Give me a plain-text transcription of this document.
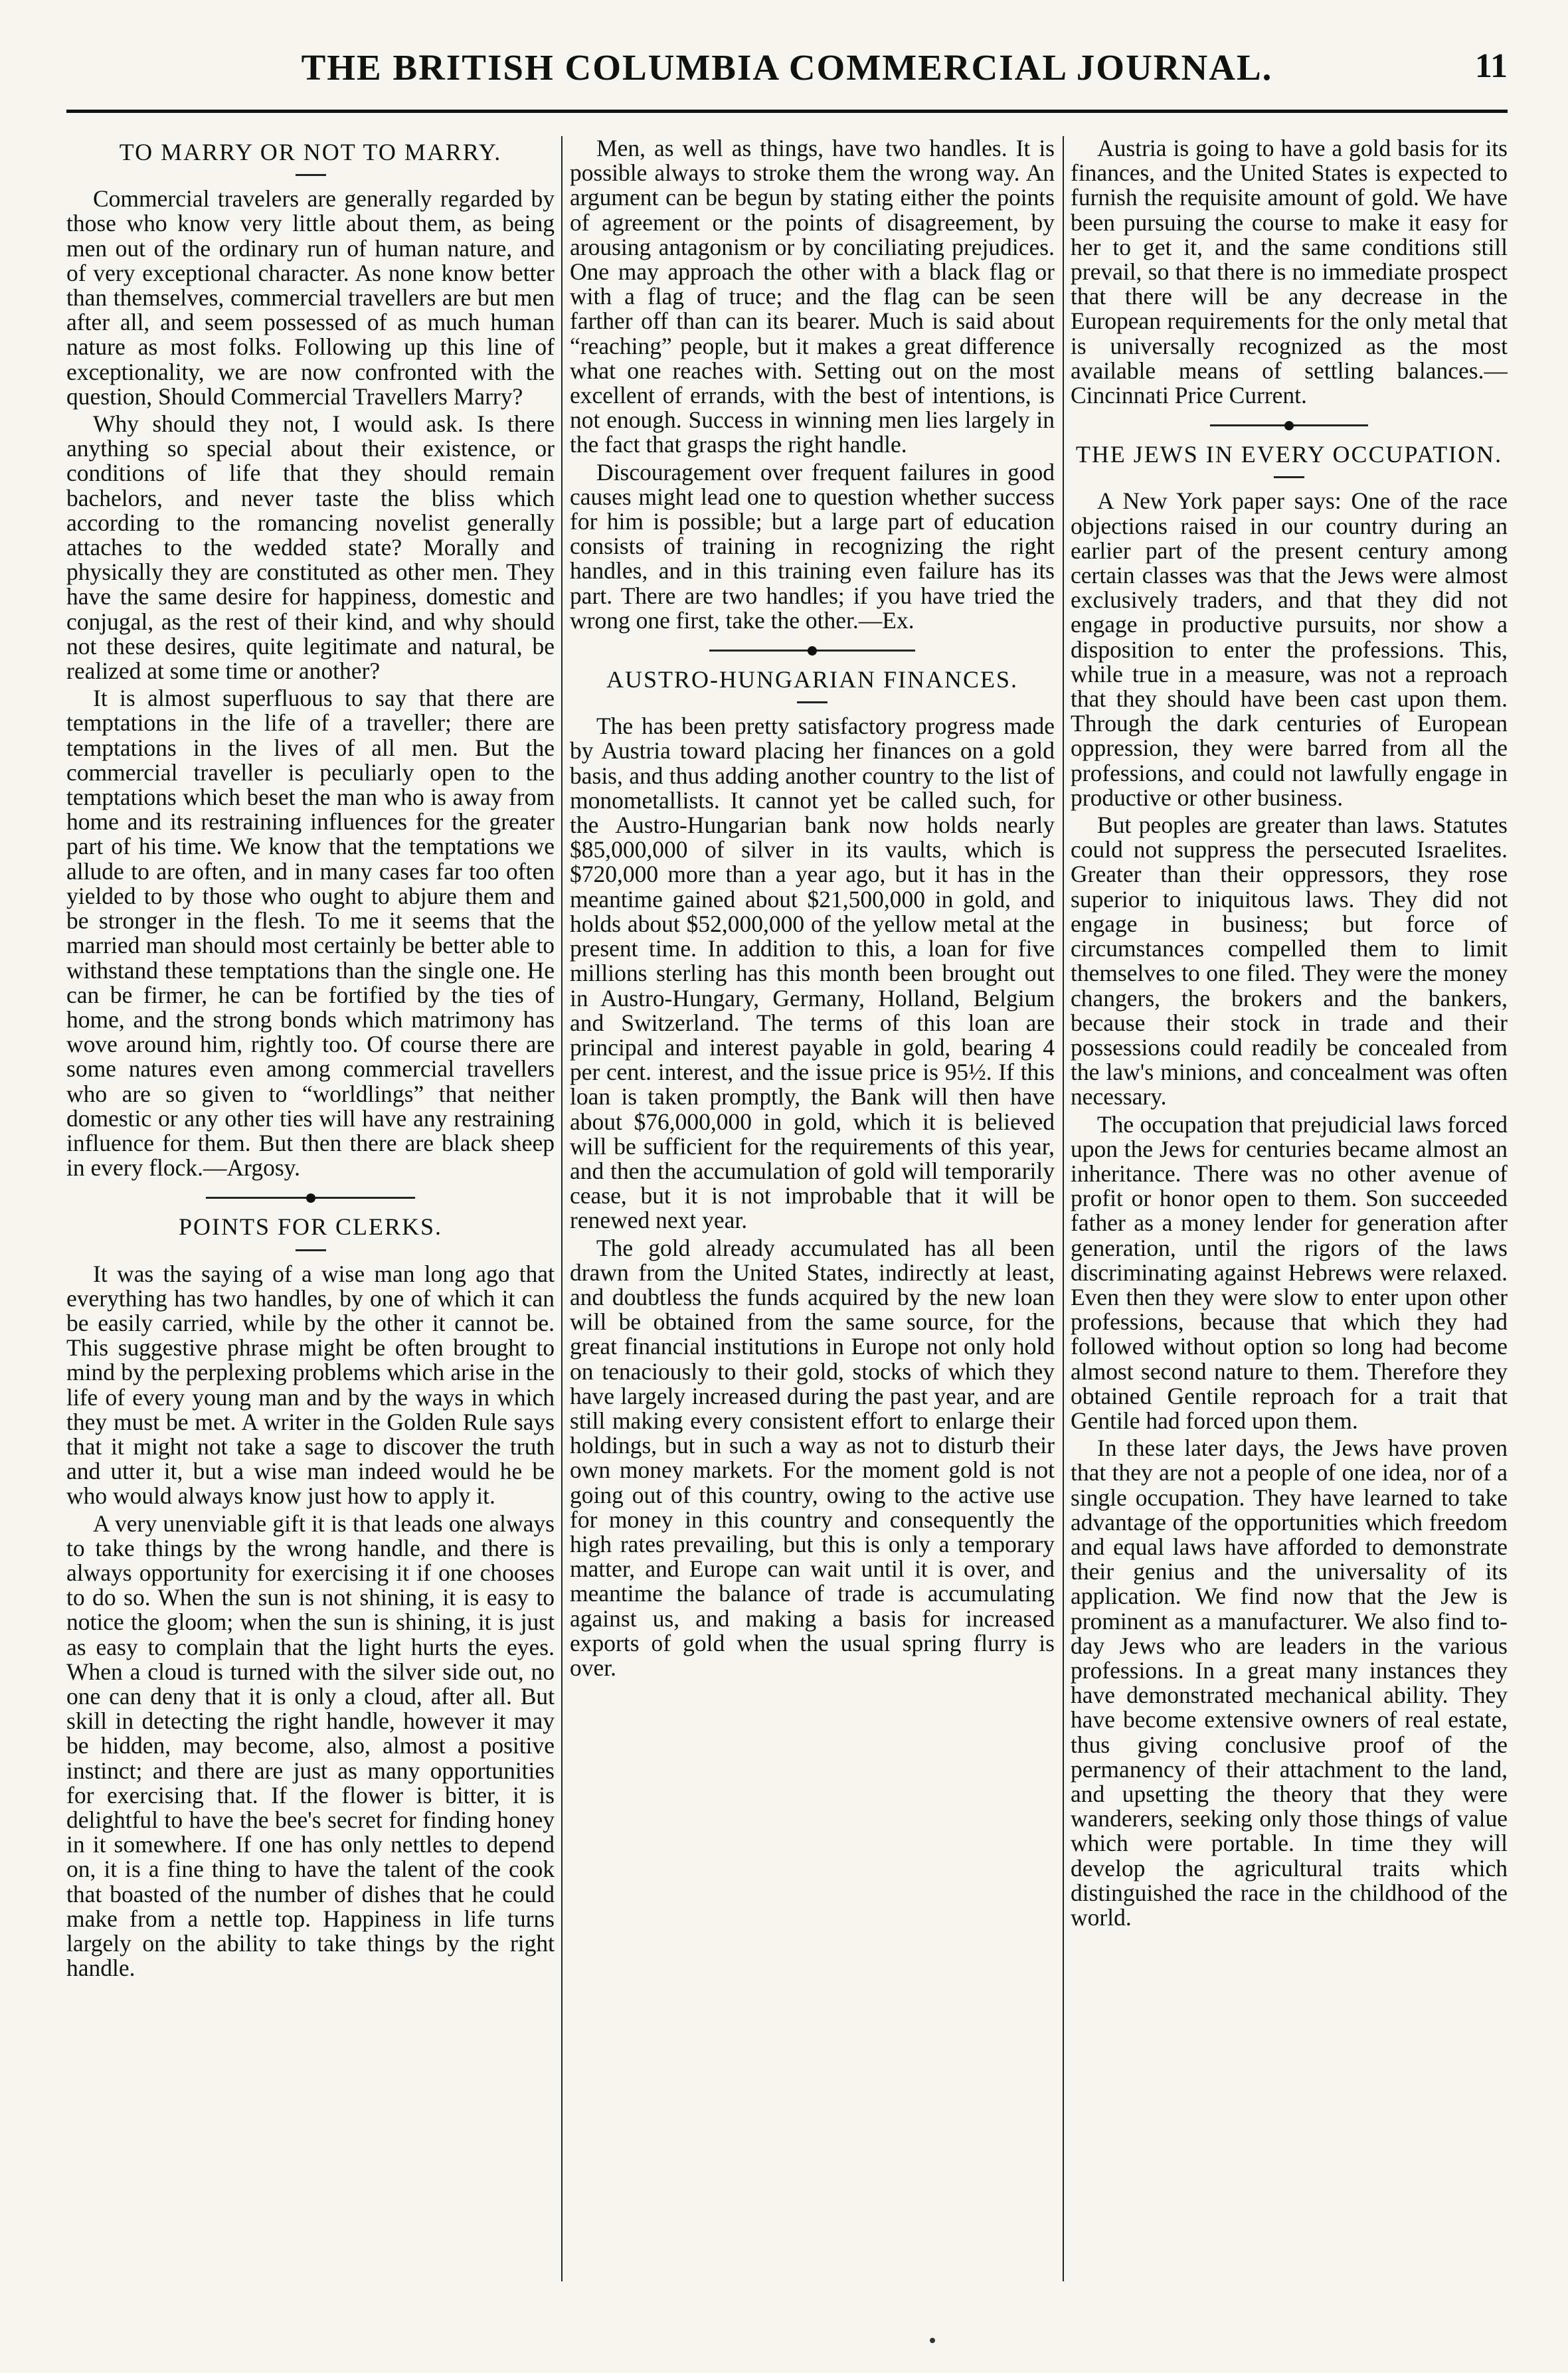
THE BRITISH COLUMBIA COMMERCIAL JOURNAL.	11
TO MARRY OR NOT TO MARRY.

Commercial travelers are generally regarded by those who know very little about them, as being men out of the ordinary run of human nature, and of very exceptional character. As none know better than themselves, commercial travellers are but men after all, and seem possessed of as much human nature as most folks. Following up this line of exceptionality, we are now confronted with the question, Should Commercial Travellers Marry?

Why should they not, I would ask. Is there anything so special about their existence, or conditions of life that they should remain bachelors, and never taste the bliss which according to the romancing novelist generally attaches to the wedded state? Morally and physically they are constituted as other men. They have the same desire for happiness, domestic and conjugal, as the rest of their kind, and why should not these desires, quite legitimate and natural, be realized at some time or another?

It is almost superfluous to say that there are temptations in the life of a traveller; there are temptations in the lives of all men. But the commercial traveller is peculiarly open to the temptations which beset the man who is away from home and its restraining influences for the greater part of his time. We know that the temptations we allude to are often, and in many cases far too often yielded to by those who ought to abjure them and be stronger in the flesh. To me it seems that the married man should most certainly be better able to withstand these temptations than the single one. He can be firmer, he can be fortified by the ties of home, and the strong bonds which matrimony has wove around him, rightly too. Of course there are some natures even among commercial travellers who are so given to “worldlings” that neither domestic or any other ties will have any restraining influence for them. But then there are black sheep in every flock.—Argosy.

POINTS FOR CLERKS.

It was the saying of a wise man long ago that everything has two handles, by one of which it can be easily carried, while by the other it cannot be. This suggestive phrase might be often brought to mind by the perplexing problems which arise in the life of every young man and by the ways in which they must be met. A writer in the Golden Rule says that it might not take a sage to discover the truth and utter it, but a wise man indeed would he be who would always know just how to apply it.

A very unenviable gift it is that leads one always to take things by the wrong handle, and there is always opportunity for exercising it if one chooses to do so. When the sun is not shining, it is easy to notice the gloom; when the sun is shining, it is just as easy to complain that the light hurts the eyes. When a cloud is turned with the silver side out, no one can deny that it is only a cloud, after all. But skill in detecting the right handle, however it may be hidden, may become, also, almost a positive instinct; and there are just as many opportunities for exercising that. If the flower is bitter, it is delightful to have the bee's secret for finding honey in it somewhere. If one has only nettles to depend on, it is a fine thing to have the talent of the cook that boasted of the number of dishes that he could make from a nettle top. Happiness in life turns largely on the ability to take things by the right handle.

Men, as well as things, have two handles. It is possible always to stroke them the wrong way. An argument can be begun by stating either the points of agreement or the points of disagreement, by arousing antagonism or by conciliating prejudices. One may approach the other with a black flag or with a flag of truce; and the flag can be seen farther off than can its bearer. Much is said about “reaching” people, but it makes a great difference what one reaches with. Setting out on the most excellent of errands, with the best of intentions, is not enough. Success in winning men lies largely in the fact that grasps the right handle.

Discouragement over frequent failures in good causes might lead one to question whether success for him is possible; but a large part of education consists of training in recognizing the right handles, and in this training even failure has its part. There are two handles; if you have tried the wrong one first, take the other.—Ex.

AUSTRO-HUNGARIAN FINANCES.

The has been pretty satisfactory progress made by Austria toward placing her finances on a gold basis, and thus adding another country to the list of monometallists. It cannot yet be called such, for the Austro-Hungarian bank now holds nearly $85,000,000 of silver in its vaults, which is $720,000 more than a year ago, but it has in the meantime gained about $21,500,000 in gold, and holds about $52,000,000 of the yellow metal at the present time. In addition to this, a loan for five millions sterling has this month been brought out in Austro-Hungary, Germany, Holland, Belgium and Switzerland. The terms of this loan are principal and interest payable in gold, bearing 4 per cent. interest, and the issue price is 95½. If this loan is taken promptly, the Bank will then have about $76,000,000 in gold, which it is believed will be sufficient for the requirements of this year, and then the accumulation of gold will temporarily cease, but it is not improbable that it will be renewed next year.

The gold already accumulated has all been drawn from the United States, indirectly at least, and doubtless the funds acquired by the new loan will be obtained from the same source, for the great financial institutions in Europe not only hold on tenaciously to their gold, stocks of which they have largely increased during the past year, and are still making every consistent effort to enlarge their holdings, but in such a way as not to disturb their own money markets. For the moment gold is not going out of this country, owing to the active use for money in this country and consequently the high rates prevailing, but this is only a temporary matter, and Europe can wait until it is over, and meantime the balance of trade is accumulating against us, and making a basis for increased exports of gold when the usual spring flurry is over.

Austria is going to have a gold basis for its finances, and the United States is expected to furnish the requisite amount of gold. We have been pursuing the course to make it easy for her to get it, and the same conditions still prevail, so that there is no immediate prospect that there will be any decrease in the European requirements for the only metal that is universally recognized as the most available means of settling balances.—Cincinnati Price Current.

THE JEWS IN EVERY OCCUPATION.

A New York paper says: One of the race objections raised in our country during an earlier part of the present century among certain classes was that the Jews were almost exclusively traders, and that they did not engage in productive pursuits, nor show a disposition to enter the professions. This, while true in a measure, was not a reproach that they should have been cast upon them. Through the dark centuries of European oppression, they were barred from all the professions, and could not lawfully engage in productive or other business.

But peoples are greater than laws. Statutes could not suppress the persecuted Israelites. Greater than their oppressors, they rose superior to iniquitous laws. They did not engage in business; but force of circumstances compelled them to limit themselves to one filed. They were the money changers, the brokers and the bankers, because their stock in trade and their possessions could readily be concealed from the law's minions, and concealment was often necessary.

The occupation that prejudicial laws forced upon the Jews for centuries became almost an inheritance. There was no other avenue of profit or honor open to them. Son succeeded father as a money lender for generation after generation, until the rigors of the laws discriminating against Hebrews were relaxed. Even then they were slow to enter upon other professions, because that which they had followed without option so long had become almost second nature to them. Therefore they obtained Gentile reproach for a trait that Gentile had forced upon them.

In these later days, the Jews have proven that they are not a people of one idea, nor of a single occupation. They have learned to take advantage of the opportunities which freedom and equal laws have afforded to demonstrate their genius and the universality of its application. We find now that the Jew is prominent as a manufacturer. We also find to-day Jews who are leaders in the various professions. In a great many instances they have demonstrated mechanical ability. They have become extensive owners of real estate, thus giving conclusive proof of the permanency of their attachment to the land, and upsetting the theory that they were wanderers, seeking only those things of value which were portable. In time they will develop the agricultural traits which distinguished the race in the childhood of the world.
